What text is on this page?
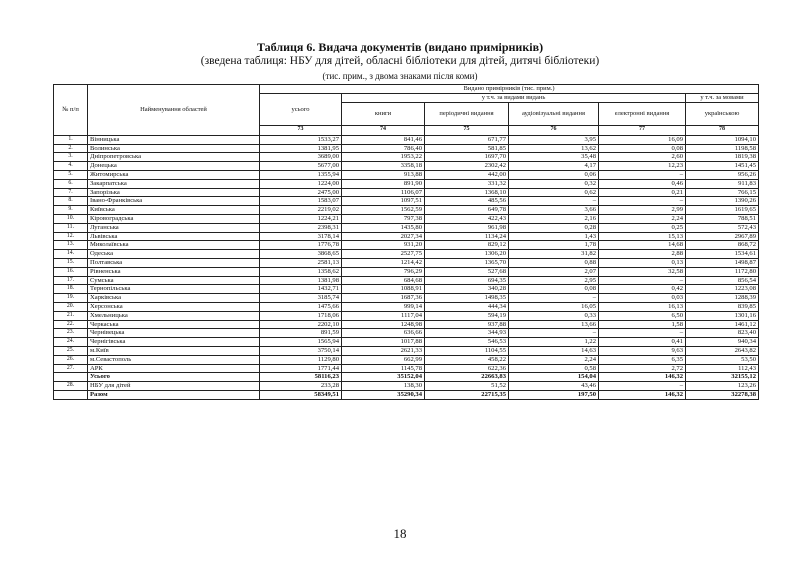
Таблиця 6. Видача документів (видано примірників)
(зведена таблиця: НБУ для дітей, обласні бібліотеки для дітей, дитячі бібліотеки)
(тис. прим., з двома знаками після коми)
№ п/п	Найменування областей	Видано примірників (тис. прим.)					
		усього	у т.ч. за видами видань				у т.ч. за мовами
			книги	періодичні видання	аудіовізуальні видання	електронні видання	українською
		73	74	75	76	77	78
1.	Вінницька	1533,27	841,46	671,77	3,95	16,09	1094,10
2.	Волинська	1381,95	786,40	581,85	13,62	0,08	1198,58
3.	Дніпропетровська	3689,00	1953,22	1697,70	35,48	2,60	1819,38
4.	Донецька	5677,00	3358,18	2302,42	4,17	12,23	1451,45
5.	Житомирська	1355,94	913,88	442,00	0,06	–	956,26
6.	Закарпатська	1224,00	891,90	331,32	0,32	0,46	911,83
7.	Запорізька	2475,00	1106,07	1368,10	0,62	0,21	766,15
8.	Івано-Франківська	1583,07	1097,51	485,56	–	–	1390,26
9.	Київська	2219,02	1562,59	649,78	3,66	2,99	1619,65
10.	Кіровоградська	1224,21	797,38	422,43	2,16	2,24	788,51
11.	Луганська	2398,31	1435,80	961,98	0,28	0,25	572,43
12.	Львівська	3178,14	2027,34	1134,24	1,43	15,13	2967,89
13.	Миколаївська	1776,78	931,20	829,12	1,78	14,68	868,72
14.	Одеська	3868,65	2527,75	1306,20	31,82	2,88	1534,61
15.	Полтавська	2581,13	1214,42	1365,70	0,88	0,13	1498,87
16.	Рівненська	1358,62	796,29	527,68	2,07	32,58	1172,80
17.	Сумська	1381,98	684,68	694,35	2,95	–	856,54
18.	Тернопільська	1432,71	1088,91	340,28	0,08	0,42	1223,08
19.	Харківська	3185,74	1687,36	1498,35	–	0,03	1288,39
20.	Херсонська	1475,66	999,14	444,34	16,05	16,13	839,85
21.	Хмельницька	1718,06	1117,04	594,19	0,33	6,50	1301,16
22.	Черкаська	2202,10	1248,98	937,88	13,66	1,58	1461,12
23.	Чернівецька	891,59	636,66	344,93	–	–	823,40
24.	Чернігівська	1565,94	1017,88	546,53	1,22	0,41	940,34
25.	м.Київ	3750,14	2621,33	1104,55	14,63	9,63	2643,82
26.	м.Севастополь	1129,80	662,99	458,22	2,24	6,35	53,50
27.	АРК	1771,44	1145,78	622,36	0,58	2,72	112,43
	Усього	58116,23	35152,04	22663,83	154,04	146,32	32155,12
28.	НБУ для дітей	233,28	138,30	51,52	43,46	–	123,26
	Разом	58349,51	35290,34	22715,35	197,50	146,32	32278,38
18
